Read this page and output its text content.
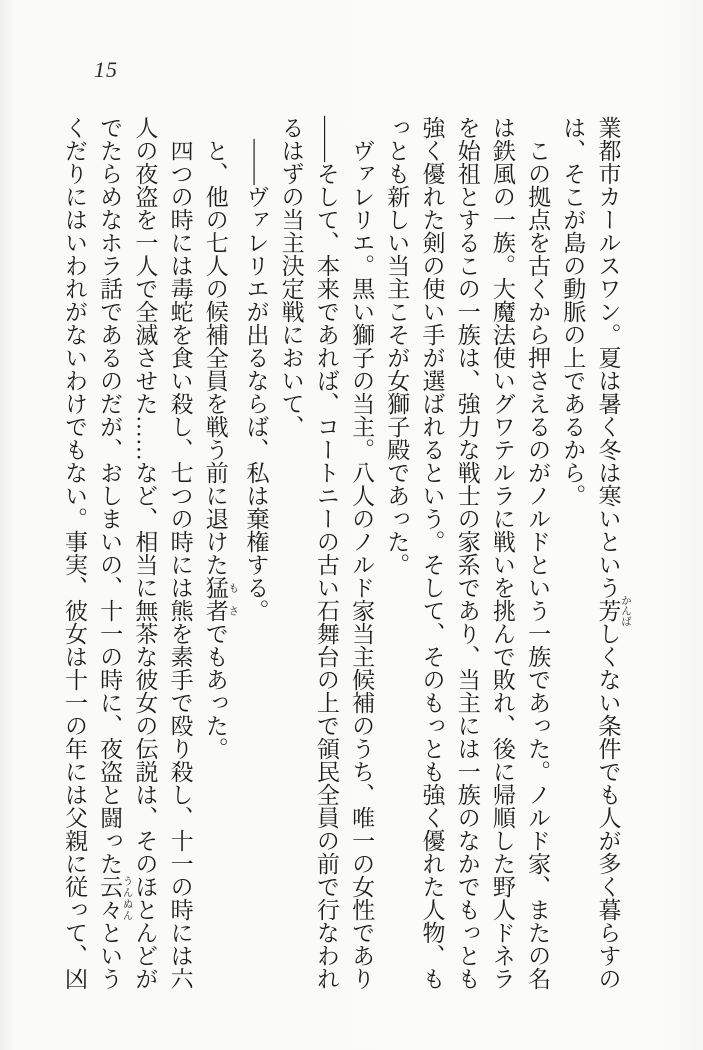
15

業都市カールスワン。夏は暑く冬は寒いという芳 かんばしくない条件でも人が多く暮らすのは、そこが島の動脈の上であるから。

この拠点を古くから押さえるのがノルドという一族であった。ノルド家、またの名は鉄風の一族。大魔法使いグワテルラに戦いを挑んで敗れ、後に帰順した野人ドネラを始祖とするこの一族は、強力な戦士の家系であり、当主には一族のなかでもっとも強く優れた剣の使い手が選ばれるという。そして、そのもっとも強く優れた人物、もっとも新しい当主こそが女獅子殿であった。

ヴァレリエ。黒い獅子の当主。八人のノルド家当主候補のうち、唯一の女性であり――そして、本来であれば、コートニーの古い石舞台の上で領民全員の前で行なわれるはずの当主決定戦において、

――ヴァレリエが出るならば、私は棄権する。

と、他の七人の候補全員を戦う前に退けた猛者 もさでもあった。

四つの時には毒蛇を食い殺し、七つの時には熊を素手で殴り殺し、十一の時には六人の夜盗を一人で全滅させた……など、相当に無茶な彼女の伝説は、そのほとんどがでたらめなホラ話であるのだが、おしまいの、十一の時に、夜盗と闘った云々 うんぬんというくだりにはいわれがないわけでもない。事実、彼女は十一の年には父親に従って、凶
